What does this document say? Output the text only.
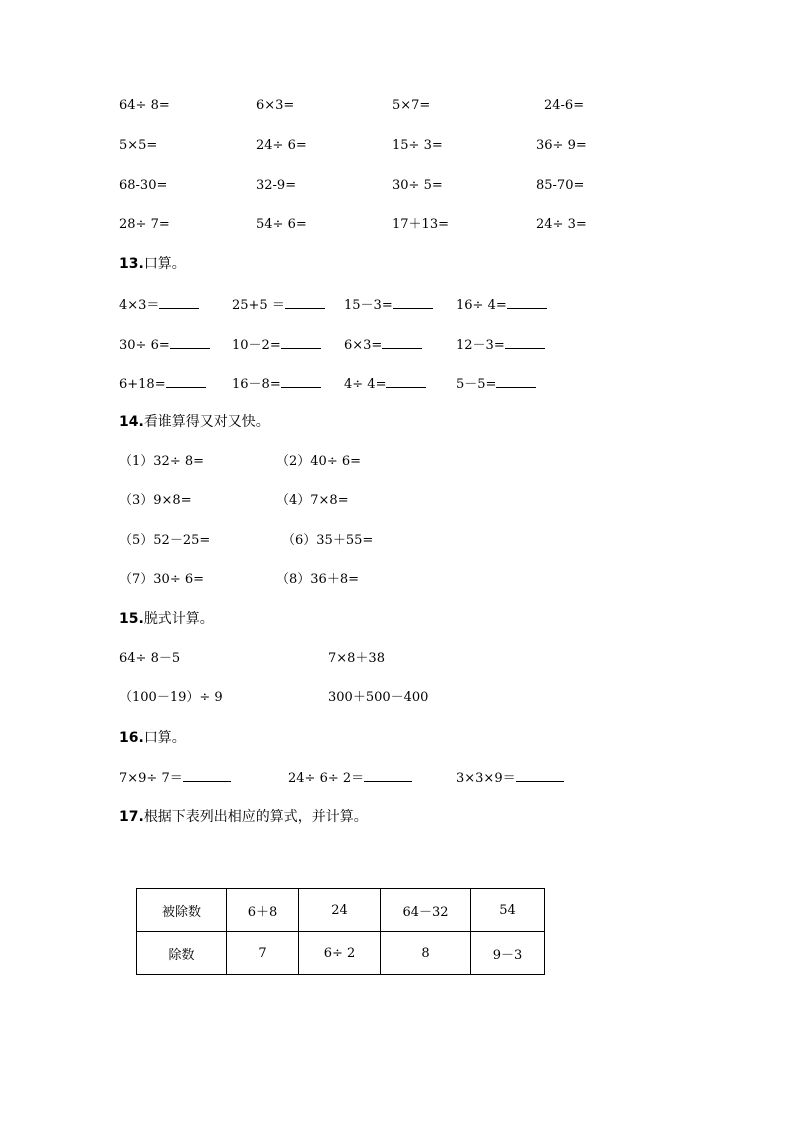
64÷ 8=	6×3=	5×7=	24-6=
5×5=	24÷ 6=	15÷ 3=	36÷ 9=
68-30=	32-9=	30÷ 5=	85-70=
28÷ 7=	54÷ 6=	17＋13=	24÷ 3=
13.口算。
4×3＝	25+5 ＝	15－3=	16÷ 4=
30÷ 6=	10－2=	6×3=	12－3=
6+18=	16－8=	4÷ 4=	5－5=
14.看谁算得又对又快。
（1）32÷ 8=	（2）40÷ 6=
（3）9×8=	（4）7×8=
（5）52－25=	（6）35＋55=
（7）30÷ 6=	（8）36＋8=
15.脱式计算。
64÷ 8－5	7×8＋38
（100－19）÷ 9	300＋500－400
16.口算。
7×9÷ 7＝	24÷ 6÷ 2＝	3×3×9＝
17.根据下表列出相应的算式，并计算。
被除数	6＋8	24	64－32	54
除数	7	6÷ 2	8	9－3
